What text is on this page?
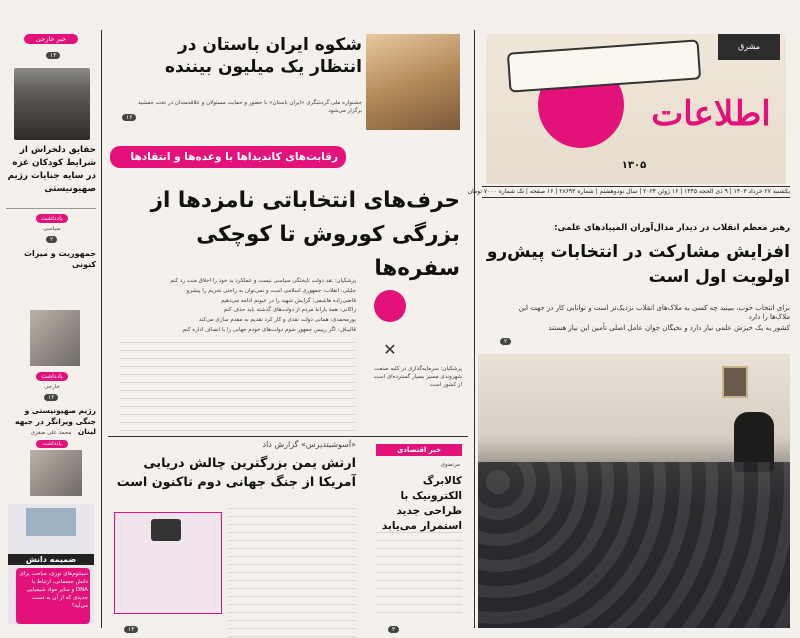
خبر خارجی
۱۳
حقایق دلخراش از شرایط کودکان غزه در سایه جنایات رژیم صهیونیستی
یادداشت
سیاسی
۲
جمهوریت و میراث کنونی
یادداشت
خارجی
۱۲
رژیم صهیونیستی و جنگی ویرانگر در جبهه لبنان
محمد علی صفری
یادداشت
ضمیمه دانش
سینتوم‌های نوری، مباحث برای دانش جسمانی، ارتباط با DNA و سایر مواد شیمیایی جدیدی که از آن به دست می‌آید؟
شکوه ایران باستان در انتظار یک میلیون بیننده
جشنواره ملی گردشگری «ایران باستان» با حضور و حمایت مسئولان و علاقه‌مندان در تخت جمشید برگزار می‌شود
۱۶
رقابت‌های کاندیداها با وعده‌ها و انتقادها
حرف‌های انتخاباتی نامزدها از بزرگی کوروش تا کوچکی سفره‌ها
پزشکیان: نقد دولت ناپختگی سیاسی نیست و عملکرد بد خود را اخلاق منت رد کنم
جلیلی: انقلاب، جمهوری اسلامی است و نمی‌توان به راحتی تحریم را پیشرو
قاضی‌زاده هاشمی: گرایش شهید را در عیونم ادامه می‌دهیم
زاکانی: همهٔ یارانهٔ مردم از دولت‌های گذشته باید حذف کنم
پورمحمدی: همانی دولت نقدی و کار کرد تقدیم به مقدم سازی می‌کند
قالیباف: اگر رییس جمهور شوم دولت‌های خودم جهانی را با انصاف اداره کنم
✕
پزشکیان: سرمایه‌گذاری در کلیه صنعت شهروندی مسیر بسیار گسترده‌ای است از کشور است
«آسوشیتدپرس» گزارش داد
ارتش یمن بزرگترین چالش دریایی آمریکا از جنگ جهانی دوم تاکنون است
۱۳
خبر اقتصادی
مرتضوی
کالابرگ الکترونیک با طراحی جدید استمرار می‌یابد
۳
اطلاعات
۱۳۰۵
مشرق
یکشنبه ۲۷ خرداد ۱۴۰۳ | ۹ ذی الحجه ۱۴۴۵ | ۱۶ ژوئن ۲۰۲۴ | سال نودوهشتم | شماره ۲۸۶۹۳ | ۱۶ صفحه | تک شماره ۷۰۰۰ تومان
رهبر معظم انقلاب در دیدار مدال‌آوران المپیادهای علمی:
افزایش مشارکت در انتخابات پیش‌رو اولویت اول است
برای انتخاب خوب، ببینید چه کسی به ملاک‌های انقلاب نزدیک‌تر است و توانایی کار در جهت این ملاک‌ها را دارد
کشور به یک خیزش علمی نیاز دارد و نخبگان جوان عامل اصلی تأمین این نیاز هستند
۲
